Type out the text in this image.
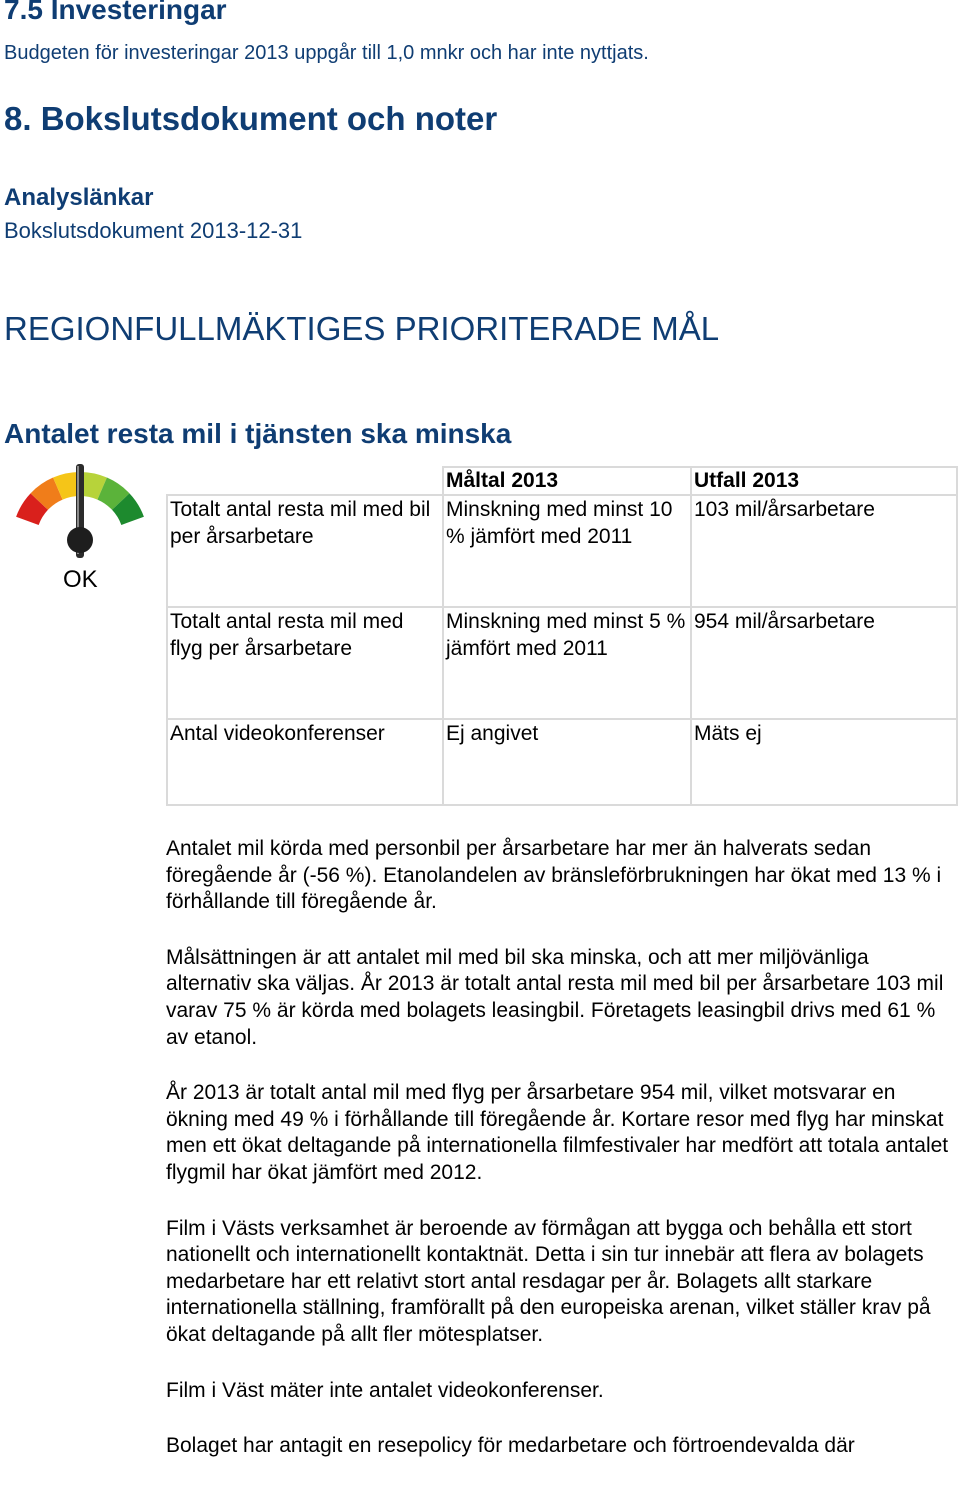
7.5 Investeringar
Budgeten för investeringar 2013 uppgår till 1,0 mnkr och har inte nyttjats.
8. Bokslutsdokument och noter
Analyslänkar
Bokslutsdokument 2013-12-31
REGIONFULLMÄKTIGES PRIORITERADE MÅL
Antalet resta mil i tjänsten ska minska
OK
	Måltal 2013	Utfall 2013
Totalt antal resta mil med bil per årsarbetare	Minskning med minst 10 % jämfört med 2011	103 mil/årsarbetare
Totalt antal resta mil med flyg per årsarbetare	Minskning med minst 5 % jämfört med 2011	954 mil/årsarbetare
Antal videokonferenser	Ej angivet	Mäts ej

Antalet mil körda med personbil per årsarbetare har mer än halverats sedan föregående år (-56 %). Etanolandelen av bränsleförbrukningen har ökat med 13 % i förhållande till föregående år.

Målsättningen är att antalet mil med bil ska minska, och att mer miljövänliga alternativ ska väljas. År 2013 är totalt antal resta mil med bil per årsarbetare 103 mil varav 75 % är körda med bolagets leasingbil. Företagets leasingbil drivs med 61 % av etanol.

År 2013 är totalt antal mil med flyg per årsarbetare 954 mil, vilket motsvarar en ökning med 49 % i förhållande till föregående år. Kortare resor med flyg har minskat men ett ökat deltagande på internationella filmfestivaler har medfört att totala antalet flygmil har ökat jämfört med 2012.

Film i Västs verksamhet är beroende av förmågan att bygga och behålla ett stort nationellt och internationellt kontaktnät. Detta i sin tur innebär att flera av bolagets medarbetare har ett relativt stort antal resdagar per år. Bolagets allt starkare internationella ställning, framförallt på den europeiska arenan, vilket ställer krav på ökat deltagande på allt fler mötesplatser.

Film i Väst mäter inte antalet videokonferenser.

Bolaget har antagit en resepolicy för medarbetare och förtroendevalda där
